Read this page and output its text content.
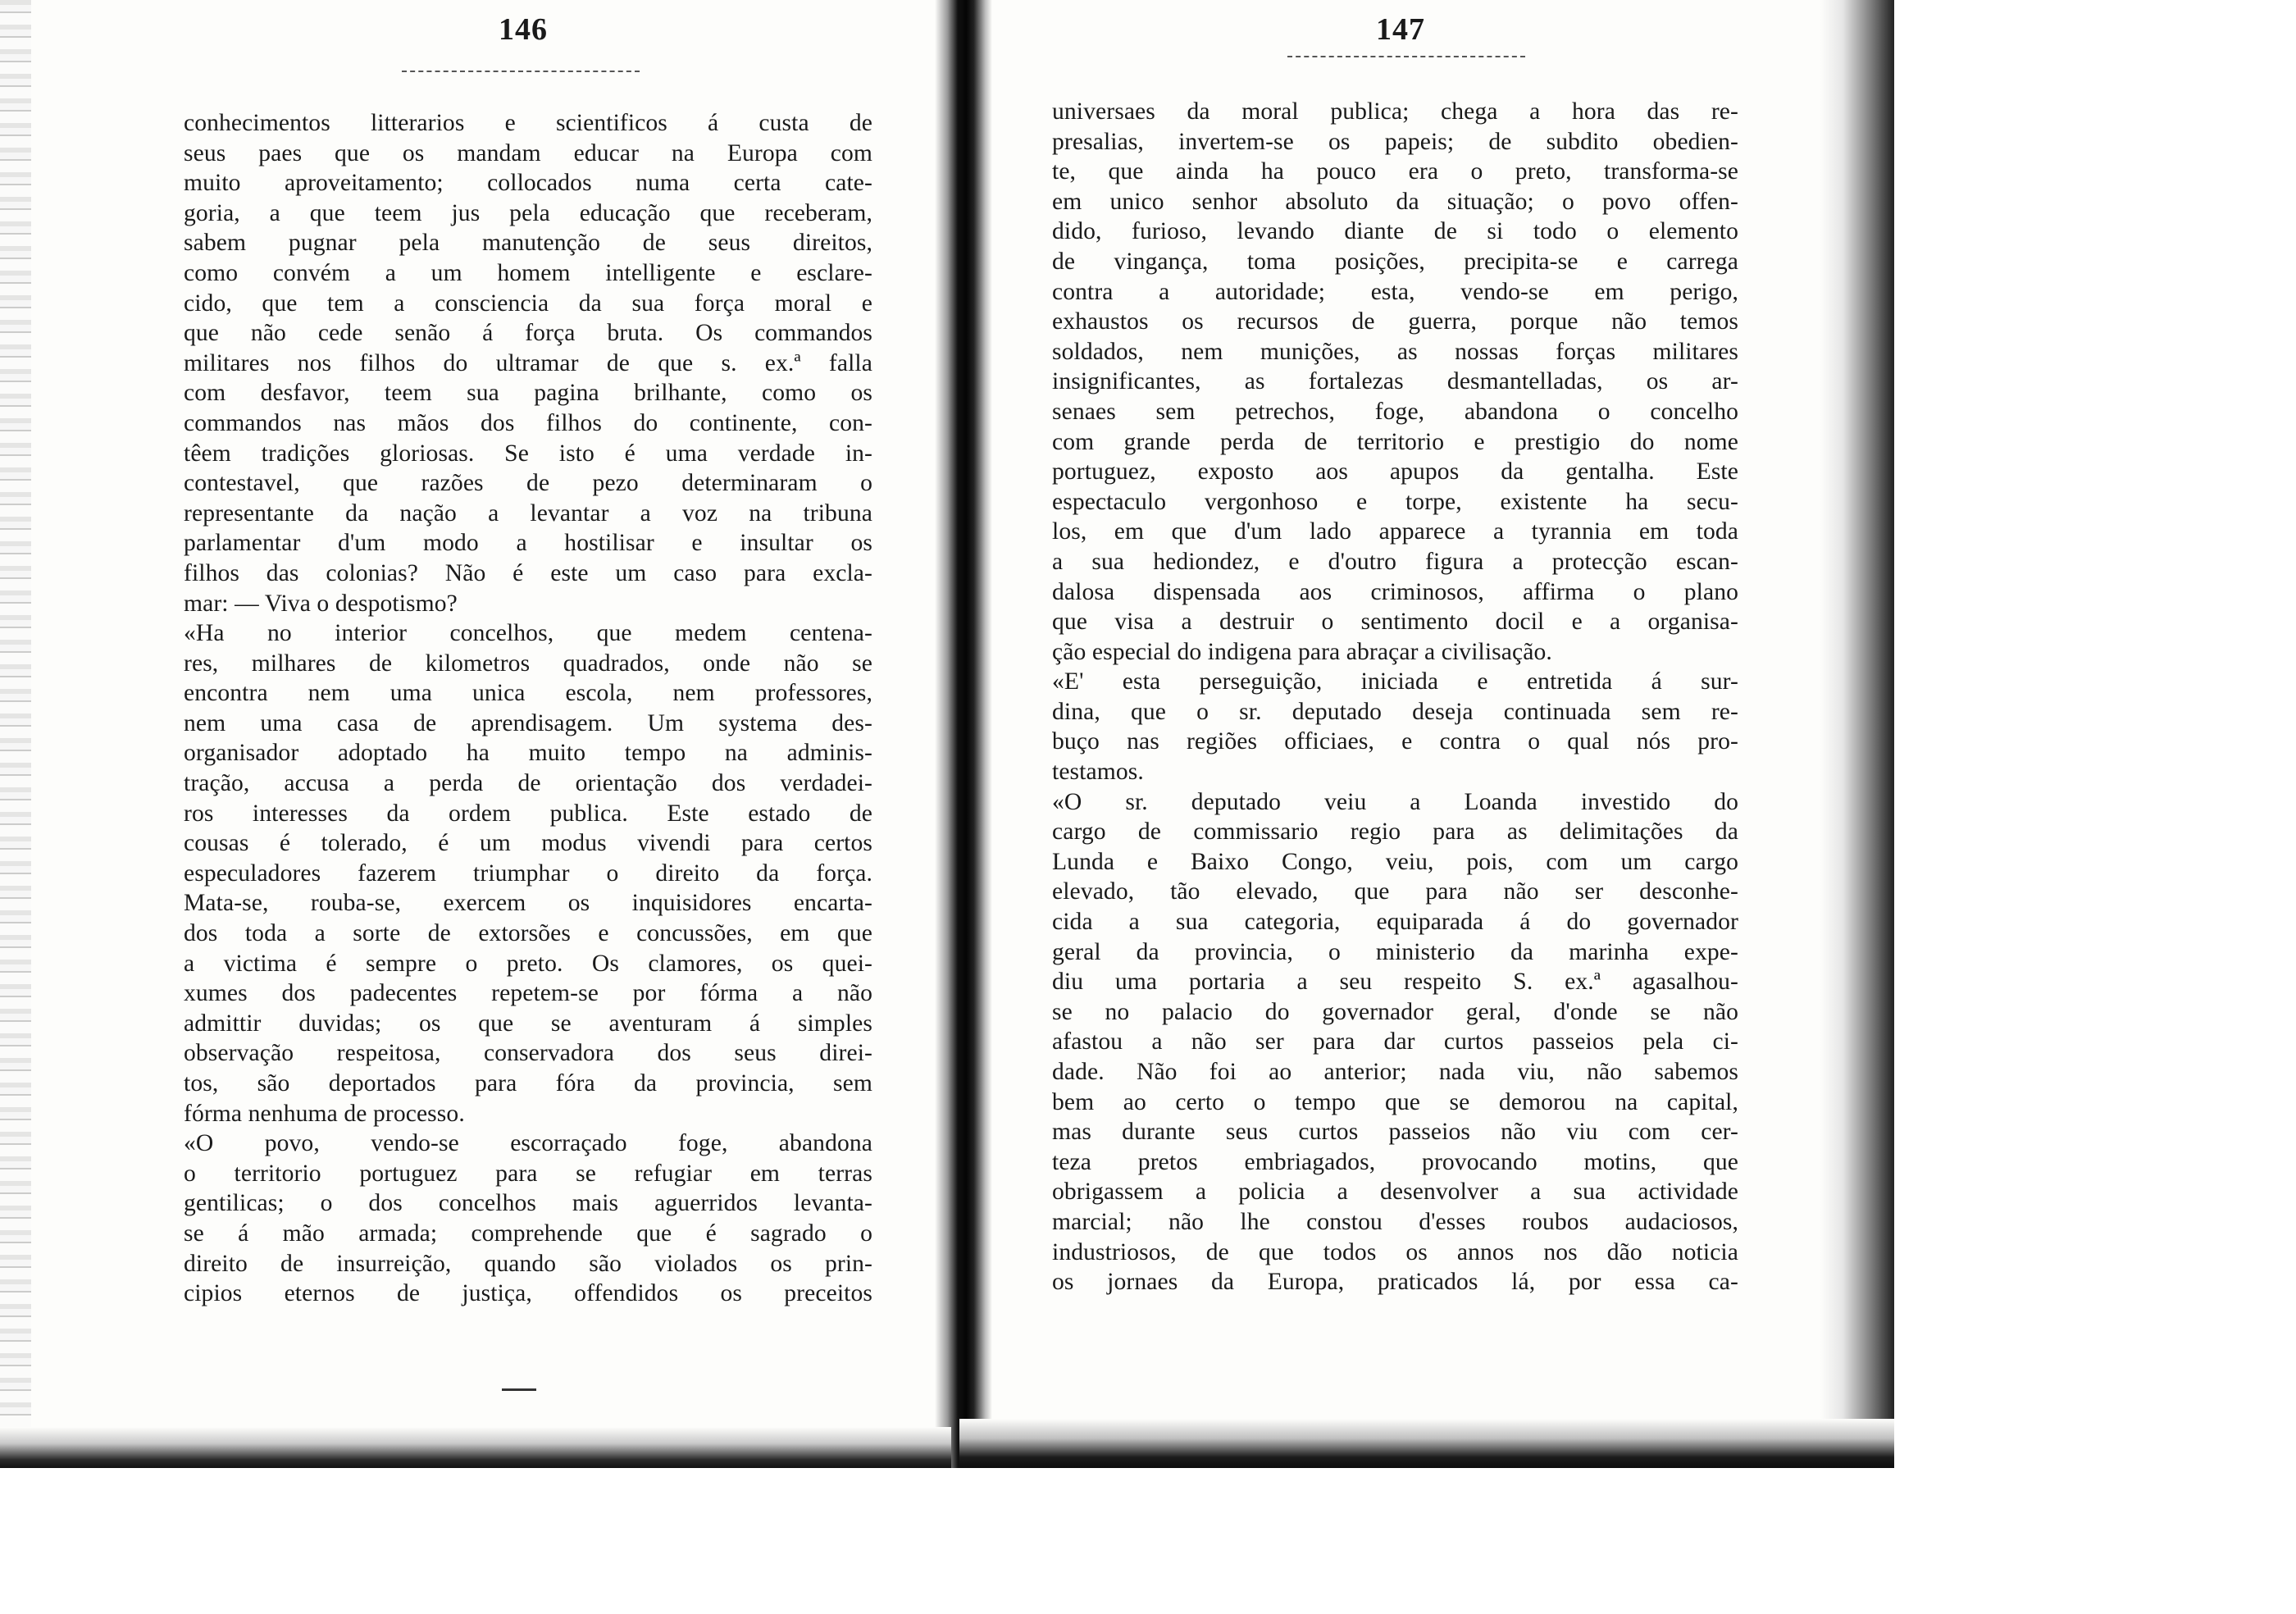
146
conhecimentos litterarios e scientificos á custa de
seus paes que os mandam educar na Europa com
muito aproveitamento; collocados numa certa cate-
goria, a que teem jus pela educação que receberam,
sabem pugnar pela manutenção de seus direitos,
como convém a um homem intelligente e esclare-
cido, que tem a consciencia da sua força moral e
que não cede senão á força bruta. Os commandos
militares nos filhos do ultramar de que s. ex.ª falla
com desfavor, teem sua pagina brilhante, como os
commandos nas mãos dos filhos do continente, con-
têem tradições gloriosas. Se isto é uma verdade in-
contestavel, que razões de pezo determinaram o
representante da nação a levantar a voz na tribuna
parlamentar d'um modo a hostilisar e insultar os
filhos das colonias? Não é este um caso para excla-
mar: — Viva o despotismo?
«Ha no interior concelhos, que medem centena-
res, milhares de kilometros quadrados, onde não se
encontra nem uma unica escola, nem professores,
nem uma casa de aprendisagem. Um systema des-
organisador adoptado ha muito tempo na adminis-
tração, accusa a perda de orientação dos verdadei-
ros interesses da ordem publica. Este estado de
cousas é tolerado, é um modus vivendi para certos
especuladores fazerem triumphar o direito da força.
Mata-se, rouba-se, exercem os inquisidores encarta-
dos toda a sorte de extorsões e concussões, em que
a victima é sempre o preto. Os clamores, os quei-
xumes dos padecentes repetem-se por fórma a não
admittir duvidas; os que se aventuram á simples
observação respeitosa, conservadora dos seus direi-
tos, são deportados para fóra da provincia, sem
fórma nenhuma de processo.
«O povo, vendo-se escorraçado foge, abandona
o territorio portuguez para se refugiar em terras
gentilicas; o dos concelhos mais aguerridos levanta-
se á mão armada; comprehende que é sagrado o
direito de insurreição, quando são violados os prin-
cipios eternos de justiça, offendidos os preceitos
147
universaes da moral publica; chega a hora das re-
presalias, invertem-se os papeis; de subdito obedien-
te, que ainda ha pouco era o preto, transforma-se
em unico senhor absoluto da situação; o povo offen-
dido, furioso, levando diante de si todo o elemento
de vingança, toma posições, precipita-se e carrega
contra a autoridade; esta, vendo-se em perigo,
exhaustos os recursos de guerra, porque não temos
soldados, nem munições, as nossas forças militares
insignificantes, as fortalezas desmantelladas, os ar-
senaes sem petrechos, foge, abandona o concelho
com grande perda de territorio e prestigio do nome
portuguez, exposto aos apupos da gentalha. Este
espectaculo vergonhoso e torpe, existente ha secu-
los, em que d'um lado apparece a tyrannia em toda
a sua hediondez, e d'outro figura a protecção escan-
dalosa dispensada aos criminosos, affirma o plano
que visa a destruir o sentimento docil e a organisa-
ção especial do indigena para abraçar a civilisação.
«E' esta perseguição, iniciada e entretida á sur-
dina, que o sr. deputado deseja continuada sem re-
buço nas regiões officiaes, e contra o qual nós pro-
testamos.
«O sr. deputado veiu a Loanda investido do
cargo de commissario regio para as delimitações da
Lunda e Baixo Congo, veiu, pois, com um cargo
elevado, tão elevado, que para não ser desconhe-
cida a sua categoria, equiparada á do governador
geral da provincia, o ministerio da marinha expe-
diu uma portaria a seu respeito S. ex.ª agasalhou-
se no palacio do governador geral, d'onde se não
afastou a não ser para dar curtos passeios pela ci-
dade. Não foi ao anterior; nada viu, não sabemos
bem ao certo o tempo que se demorou na capital,
mas durante seus curtos passeios não viu com cer-
teza pretos embriagados, provocando motins, que
obrigassem a policia a desenvolver a sua actividade
marcial; não lhe constou d'esses roubos audaciosos,
industriosos, de que todos os annos nos dão noticia
os jornaes da Europa, praticados lá, por essa ca-
